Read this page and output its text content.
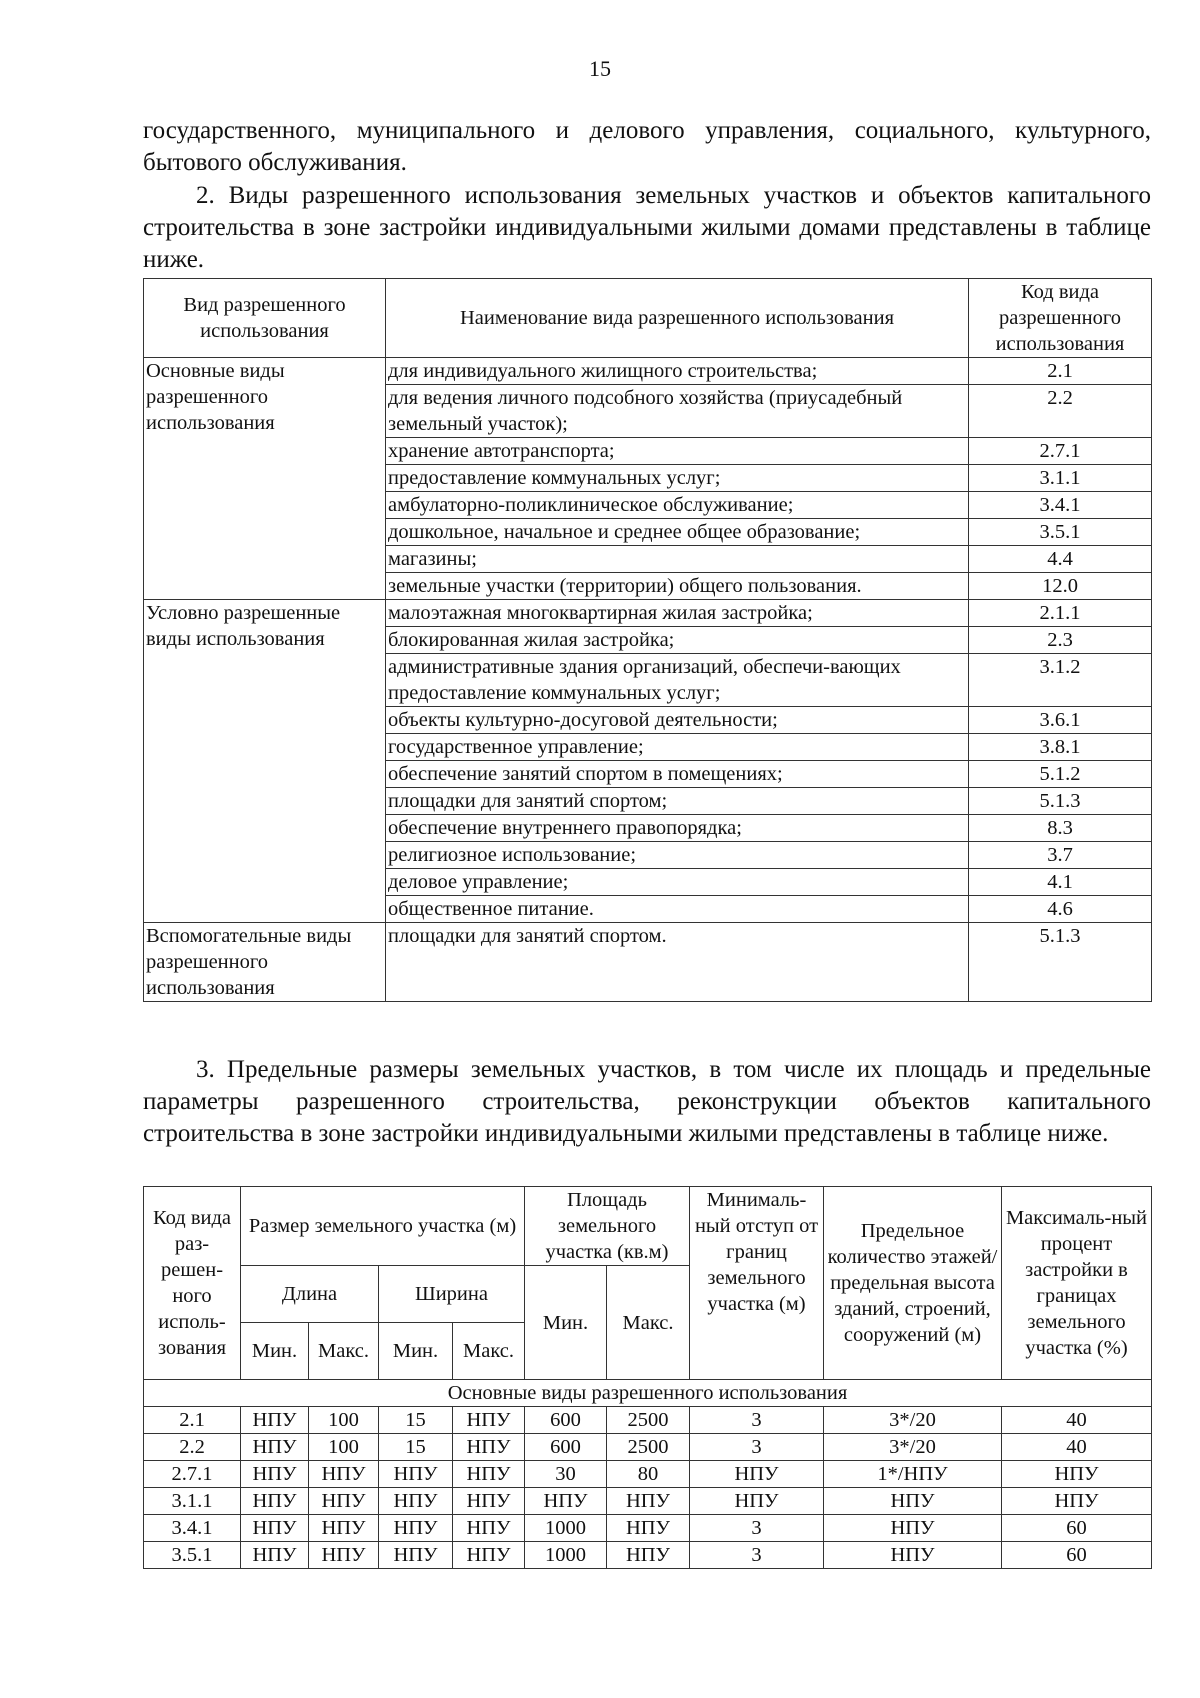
15

государственного, муниципального и делового управления, социального, культурного, бытового обслуживания.

2. Виды разрешенного использования земельных участков и объектов капитального строительства в зоне застройки индивидуальными жилыми домами представлены в таблице ниже.

Вид разрешенного использования	Наименование вида разрешенного использования	Код вида разрешенного использования
Основные виды разрешенного использования	для индивидуального жилищного строительства;	2.1
	для ведения личного подсобного хозяйства (приусадебный земельный участок);	2.2
	хранение автотранспорта;	2.7.1
	предоставление коммунальных услуг;	3.1.1
	амбулаторно-поликлиническое обслуживание;	3.4.1
	дошкольное, начальное и среднее общее образование;	3.5.1
	магазины;	4.4
	земельные участки (территории) общего пользования.	12.0
Условно разрешенные виды использования	малоэтажная многоквартирная жилая застройка;	2.1.1
	блокированная жилая застройка;	2.3
	административные здания организаций, обеспечи-вающих предоставление коммунальных услуг;	3.1.2
	объекты культурно-досуговой деятельности;	3.6.1
	государственное управление;	3.8.1
	обеспечение занятий спортом в помещениях;	5.1.2
	площадки для занятий спортом;	5.1.3
	обеспечение внутреннего правопорядка;	8.3
	религиозное использование;	3.7
	деловое управление;	4.1
	общественное питание.	4.6
Вспомогательные виды разрешенного использования	площадки для занятий спортом.	5.1.3

3. Предельные размеры земельных участков, в том числе их площадь и предельные параметры разрешенного строительства, реконструкции объектов капитального строительства в зоне застройки индивидуальными жилыми представлены в таблице ниже.

Код вида раз-решен-ного исполь-зования	Размер земельного участка (м)				Площадь земельного участка (кв.м)		Минималь-ный отступ от границ земельного участка (м)	Предельное количество этажей/ предельная высота зданий, строений, сооружений (м)	Максималь-ный процент застройки в границах земельного участка (%)
	Длина		Ширина		Мин.	Макс.			
	Мин.	Макс.	Мин.	Макс.					
Основные виды разрешенного использования									
2.1	НПУ	100	15	НПУ	600	2500	3	3*/20	40
2.2	НПУ	100	15	НПУ	600	2500	3	3*/20	40
2.7.1	НПУ	НПУ	НПУ	НПУ	30	80	НПУ	1*/НПУ	НПУ
3.1.1	НПУ	НПУ	НПУ	НПУ	НПУ	НПУ	НПУ	НПУ	НПУ
3.4.1	НПУ	НПУ	НПУ	НПУ	1000	НПУ	3	НПУ	60
3.5.1	НПУ	НПУ	НПУ	НПУ	1000	НПУ	3	НПУ	60
